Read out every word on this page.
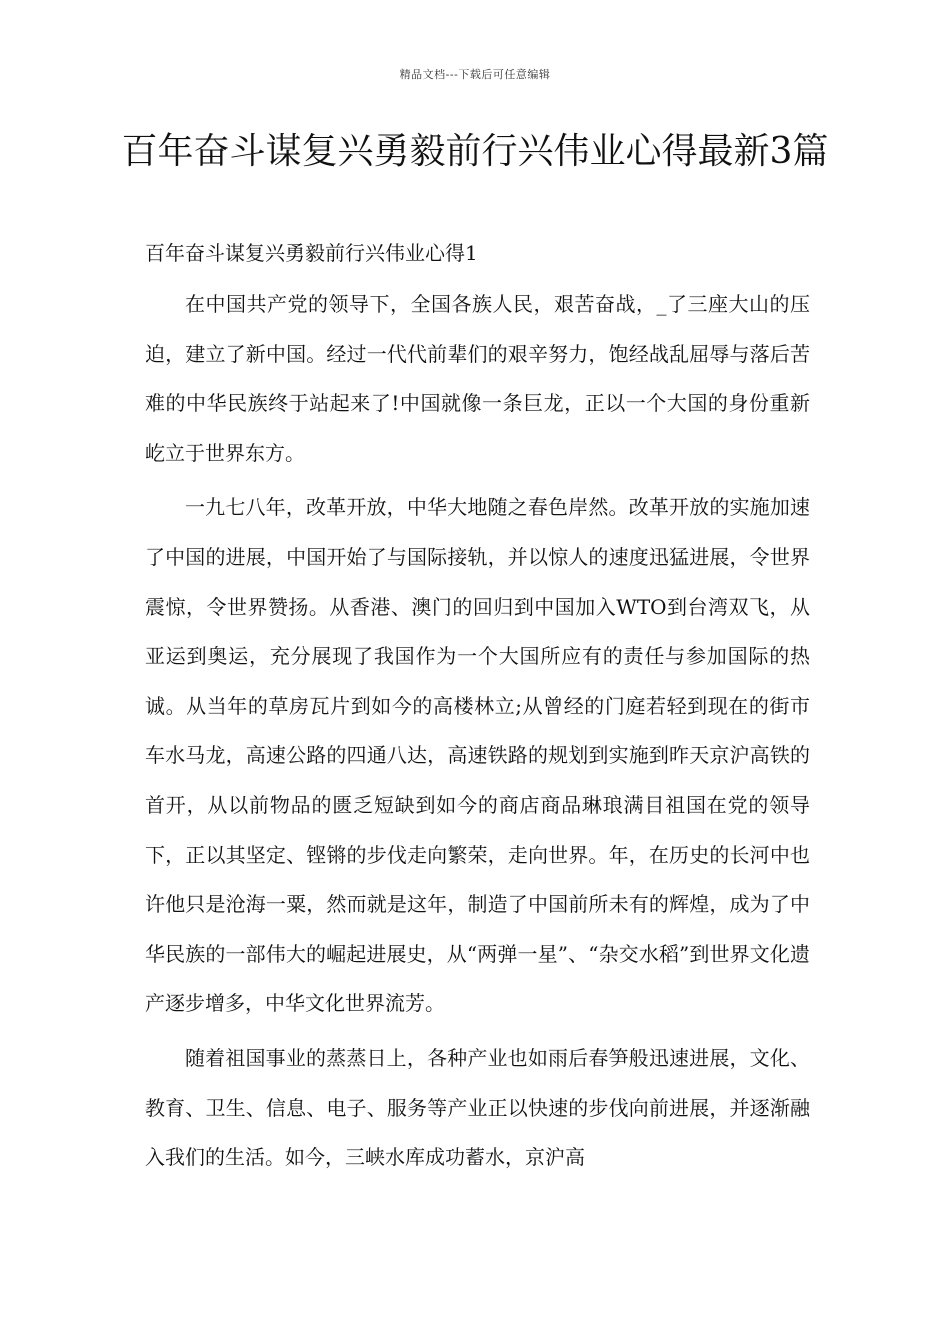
精品文档---下载后可任意编辑
百年奋斗谋复兴勇毅前行兴伟业心得最新3篇
百年奋斗谋复兴勇毅前行兴伟业心得1

在中国共产党的领导下，全国各族人民，艰苦奋战，_了三座大山的压迫，建立了新中国。经过一代代前辈们的艰辛努力，饱经战乱屈辱与落后苦难的中华民族终于站起来了!中国就像一条巨龙，正以一个大国的身份重新屹立于世界东方。

一九七八年，改革开放，中华大地随之春色岸然。改革开放的实施加速了中国的进展，中国开始了与国际接轨，并以惊人的速度迅猛进展，令世界震惊，令世界赞扬。从香港、澳门的回归到中国加入WTO到台湾双飞，从亚运到奥运，充分展现了我国作为一个大国所应有的责任与参加国际的热诚。从当年的草房瓦片到如今的高楼林立;从曾经的门庭若轻到现在的街市车水马龙，高速公路的四通八达，高速铁路的规划到实施到昨天京沪高铁的首开，从以前物品的匮乏短缺到如今的商店商品琳琅满目祖国在党的领导下，正以其坚定、铿锵的步伐走向繁荣，走向世界。年，在历史的长河中也许他只是沧海一粟，然而就是这年，制造了中国前所未有的辉煌，成为了中华民族的一部伟大的崛起进展史，从“两弹一星”、“杂交水稻”到世界文化遗产逐步增多，中华文化世界流芳。

随着祖国事业的蒸蒸日上，各种产业也如雨后春笋般迅速进展，文化、教育、卫生、信息、电子、服务等产业正以快速的步伐向前进展，并逐渐融入我们的生活。如今，三峡水库成功蓄水，京沪高
